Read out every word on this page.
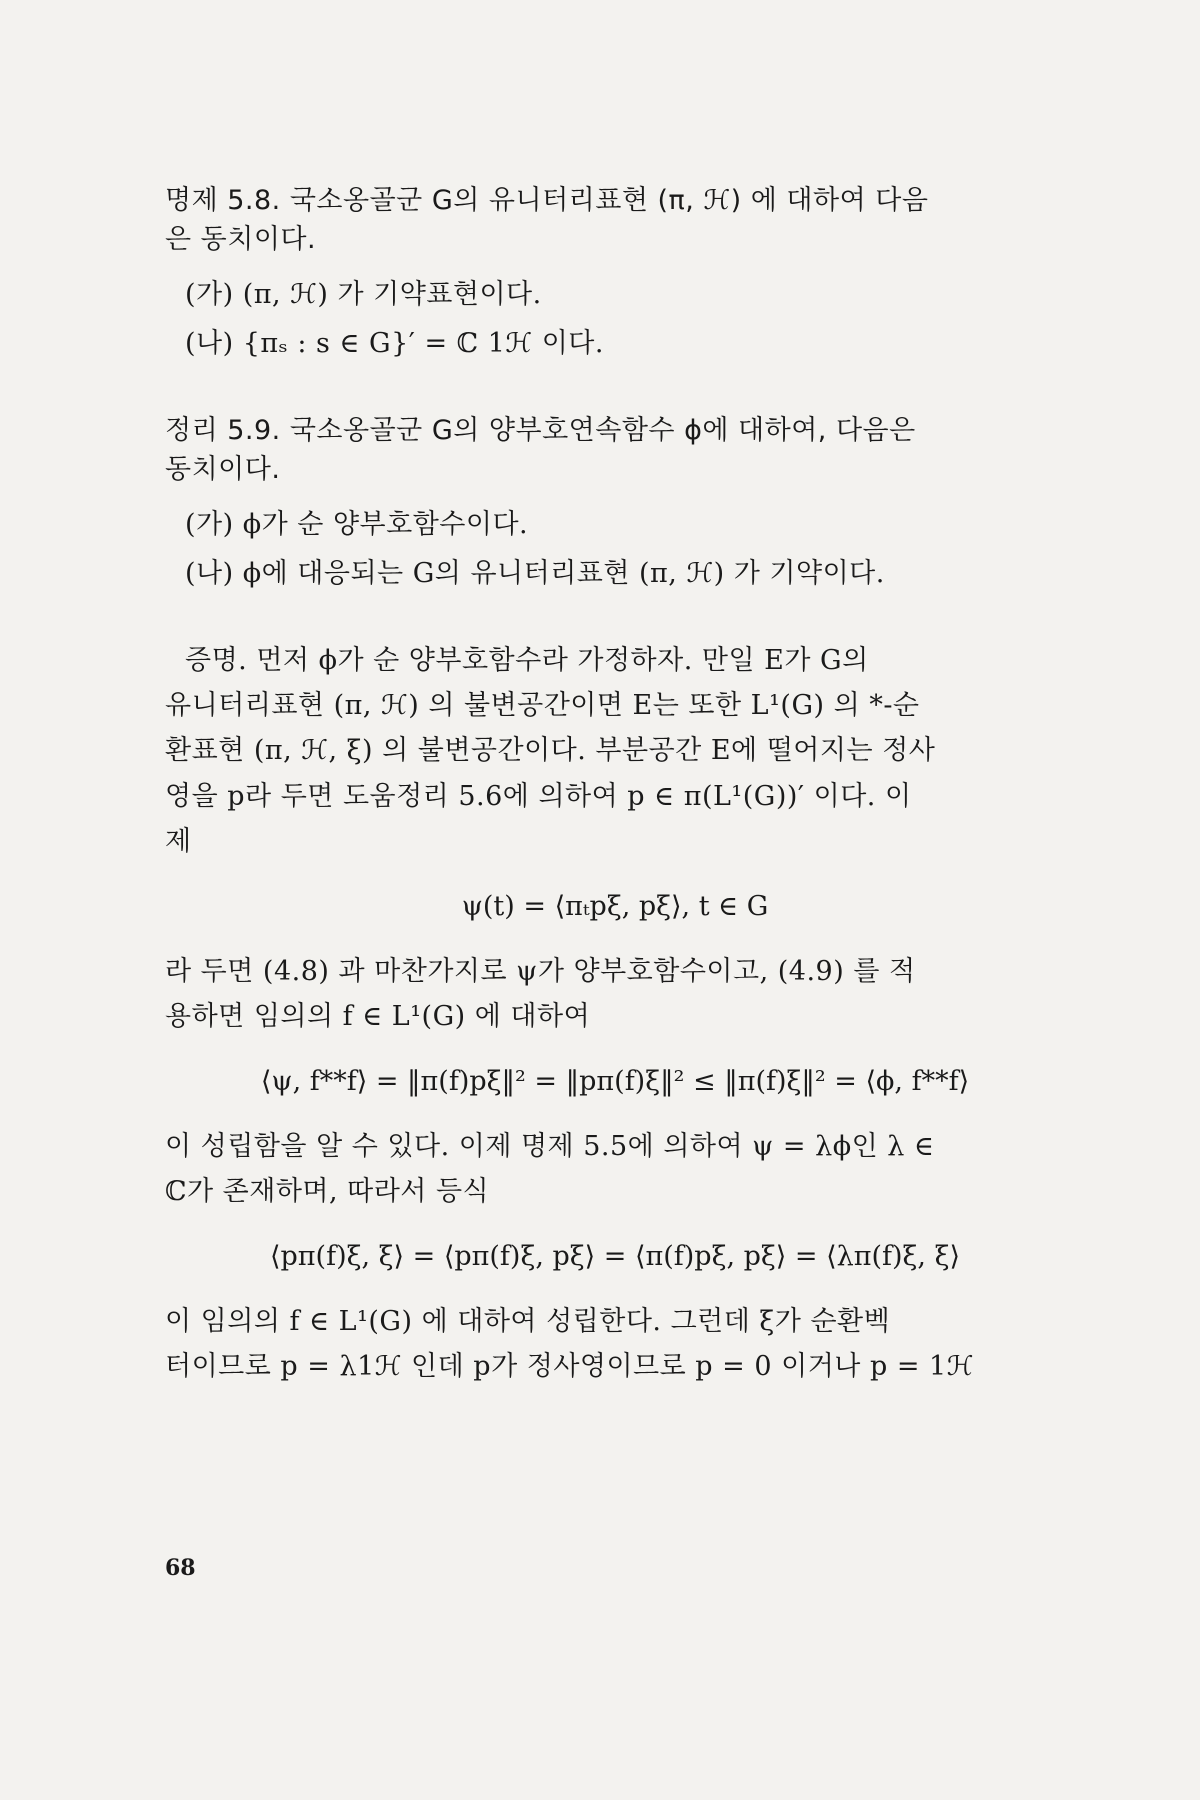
명제 5.8. 국소옹골군 G의 유니터리표현 (π, ℋ) 에 대하여 다음
은 동치이다.
(가) (π, ℋ) 가 기약표현이다.
(나) {πₛ : s ∈ G}′ = ℂ 1ℋ 이다.
정리 5.9. 국소옹골군 G의 양부호연속함수 ϕ에 대하여, 다음은
동치이다.
(가) ϕ가 순 양부호함수이다.
(나) ϕ에 대응되는 G의 유니터리표현 (π, ℋ) 가 기약이다.
증명. 먼저 ϕ가 순 양부호함수라 가정하자. 만일 E가 G의
유니터리표현 (π, ℋ) 의 불변공간이면 E는 또한 L¹(G) 의 *-순
환표현 (π, ℋ, ξ) 의 불변공간이다. 부분공간 E에 떨어지는 정사
영을 p라 두면 도움정리 5.6에 의하여 p ∈ π(L¹(G))′ 이다. 이
제
ψ(t) = ⟨πₜpξ, pξ⟩, t ∈ G
라 두면 (4.8) 과 마찬가지로 ψ가 양부호함수이고, (4.9) 를 적
용하면 임의의 f ∈ L¹(G) 에 대하여
⟨ψ, f**f⟩ = ‖π(f)pξ‖² = ‖pπ(f)ξ‖² ≤ ‖π(f)ξ‖² = ⟨ϕ, f**f⟩
이 성립함을 알 수 있다. 이제 명제 5.5에 의하여 ψ = λϕ인 λ ∈
ℂ가 존재하며, 따라서 등식
⟨pπ(f)ξ, ξ⟩ = ⟨pπ(f)ξ, pξ⟩ = ⟨π(f)pξ, pξ⟩ = ⟨λπ(f)ξ, ξ⟩
이 임의의 f ∈ L¹(G) 에 대하여 성립한다. 그런데 ξ가 순환벡
터이므로 p = λ1ℋ 인데 p가 정사영이므로 p = 0 이거나 p = 1ℋ
68
